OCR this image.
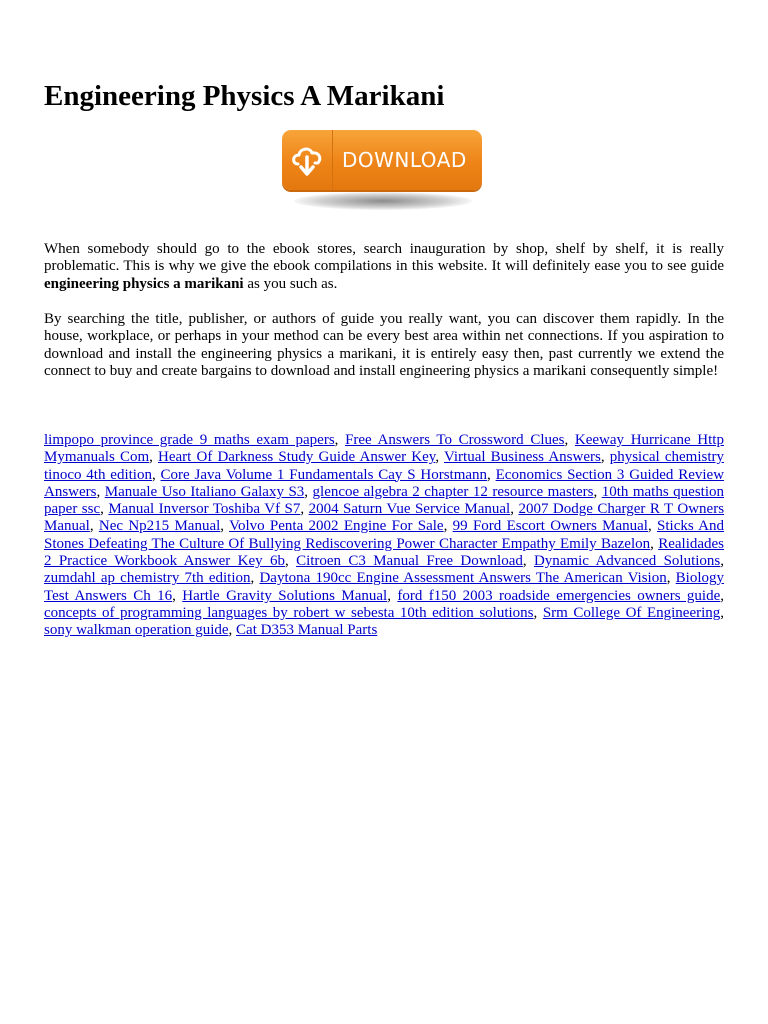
Engineering Physics A Marikani
DOWNLOAD

When somebody should go to the ebook stores, search inauguration by shop, shelf by shelf, it is really problematic. This is why we give the ebook compilations in this website. It will definitely ease you to see guide engineering physics a marikani as you such as.

By searching the title, publisher, or authors of guide you really want, you can discover them rapidly. In the house, workplace, or perhaps in your method can be every best area within net connections. If you aspiration to download and install the engineering physics a marikani, it is entirely easy then, past currently we extend the connect to buy and create bargains to download and install engineering physics a marikani consequently simple!

limpopo province grade 9 maths exam papers, Free Answers To Crossword Clues, Keeway Hurricane Http Mymanuals Com, Heart Of Darkness Study Guide Answer Key, Virtual Business Answers, physical chemistry tinoco 4th edition, Core Java Volume 1 Fundamentals Cay S Horstmann, Economics Section 3 Guided Review Answers, Manuale Uso Italiano Galaxy S3, glencoe algebra 2 chapter 12 resource masters, 10th maths question paper ssc, Manual Inversor Toshiba Vf S7, 2004 Saturn Vue Service Manual, 2007 Dodge Charger R T Owners Manual, Nec Np215 Manual, Volvo Penta 2002 Engine For Sale, 99 Ford Escort Owners Manual, Sticks And Stones Defeating The Culture Of Bullying Rediscovering Power Character Empathy Emily Bazelon, Realidades 2 Practice Workbook Answer Key 6b, Citroen C3 Manual Free Download, Dynamic Advanced Solutions, zumdahl ap chemistry 7th edition, Daytona 190cc Engine Assessment Answers The American Vision, Biology Test Answers Ch 16, Hartle Gravity Solutions Manual, ford f150 2003 roadside emergencies owners guide, concepts of programming languages by robert w sebesta 10th edition solutions, Srm College Of Engineering, sony walkman operation guide, Cat D353 Manual Parts
